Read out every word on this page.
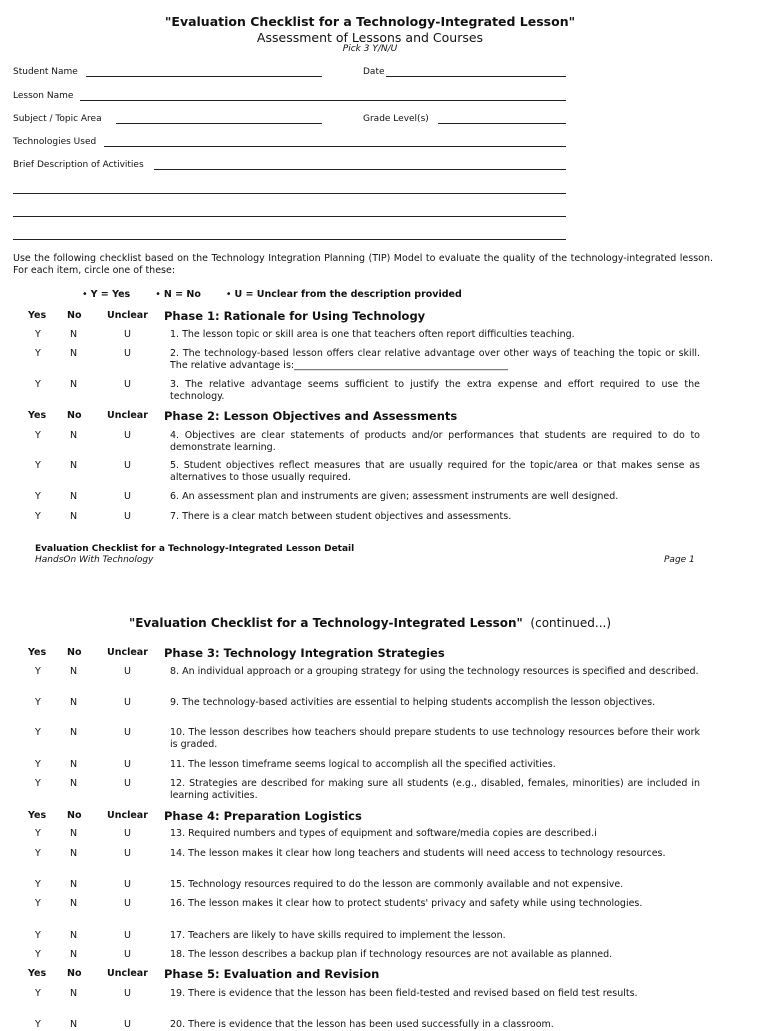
"Evaluation Checklist for a Technology-Integrated Lesson"
Assessment of Lessons and Courses
Pick 3 Y/N/U
Student Name	Date
Lesson Name
Subject / Topic Area	Grade Level(s)
Technologies Used
Brief Description of Activities
Use the following checklist based on the Technology Integration Planning (TIP) Model to evaluate the quality of the technology-integrated lesson. For each item, circle one of these:
• Y = Yes	• N = No	• U = Unclear from the description provided
Yes No	Unclear Phase 1: Rationale for Using Technology
Y	N	U	1. The lesson topic or skill area is one that teachers often report difficulties teaching.
Y	N	U	2. The technology-based lesson offers clear relative advantage over other ways of teaching the topic or skill. The relative advantage is:_____________________________________________
Y	N	U	3. The relative advantage seems sufficient to justify the extra expense and effort required to use the technology.
Yes No	Unclear Phase 2: Lesson Objectives and Assessments
Y	N	U	4. Objectives are clear statements of products and/or performances that students are required to do to demonstrate learning.
Y	N	U	5. Student objectives reflect measures that are usually required for the topic/area or that makes sense as alternatives to those usually required.
Y	N	U	6. An assessment plan and instruments are given; assessment instruments are well designed.
Y	N	U	7. There is a clear match between student objectives and assessments.
Yes No	Unclear Phase 3: Technology Integration Strategies
Y	N	U	8. An individual approach or a grouping strategy for using the technology resources is specified and described.
Y	N	U	9. The technology-based activities are essential to helping students accomplish the lesson objectives.
Y	N	U	10. The lesson describes how teachers should prepare students to use technology resources before their work is graded.
Y	N	U	11. The lesson timeframe seems logical to accomplish all the specified activities.
Y	N	U	12. Strategies are described for making sure all students (e.g., disabled, females, minorities) are included in learning activities.
Yes No	Unclear Phase 4: Preparation Logistics
Y	N	U	13. Required numbers and types of equipment and software/media copies are described.i
Y	N	U	14. The lesson makes it clear how long teachers and students will need access to technology resources.
Y	N	U	15. Technology resources required to do the lesson are commonly available and not expensive.
Y	N	U	16. The lesson makes it clear how to protect students' privacy and safety while using technologies.
Y	N	U	17. Teachers are likely to have skills required to implement the lesson.
Y	N	U	18. The lesson describes a backup plan if technology resources are not available as planned.
Yes No	Unclear Phase 5: Evaluation and Revision
Y	N	U	19. There is evidence that the lesson has been field-tested and revised based on field test results.
Y	N	U	20. There is evidence that the lesson has been used successfully in a classroom.
Evaluation Checklist for a Technology-Integrated Lesson Detail
HandsOn With Technology	Page 1
"Evaluation Checklist for a Technology-Integrated Lesson" (continued...)
